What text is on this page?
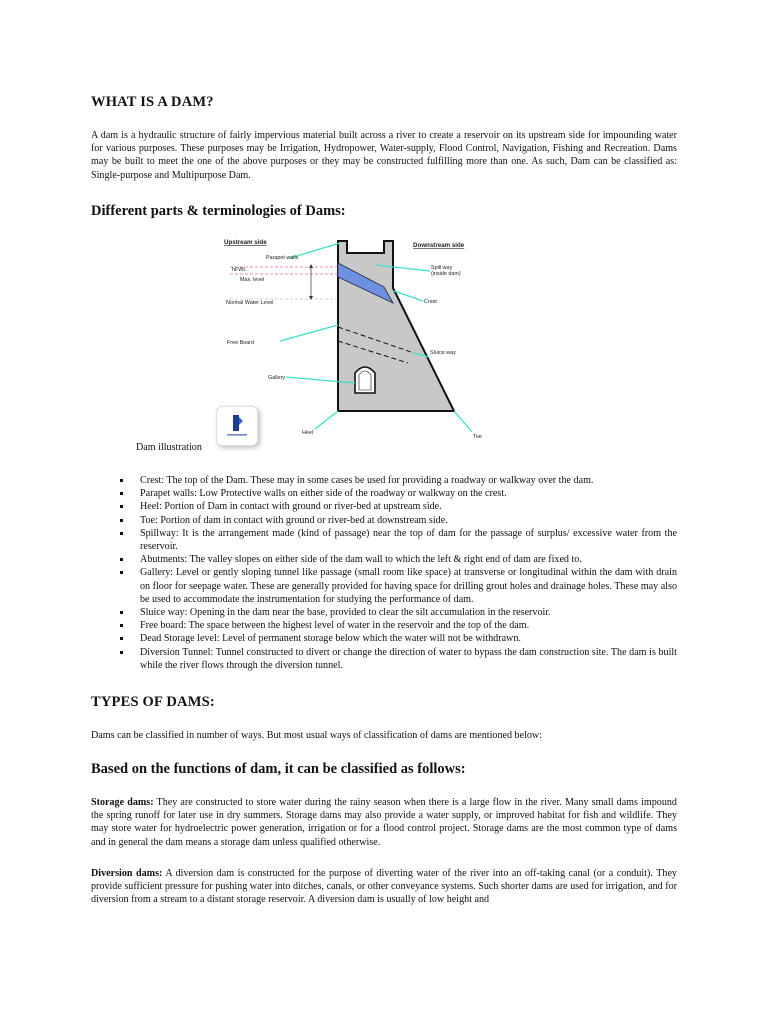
WHAT IS A DAM?

A dam is a hydraulic structure of fairly impervious material built across a river to create a reservoir on its upstream side for impounding water for various purposes. These purposes may be Irrigation, Hydropower, Water-supply, Flood Control, Navigation, Fishing and Recreation. Dams may be built to meet the one of the above purposes or they may be constructed fulfilling more than one. As such, Dam can be classified as: Single-purpose and Multipurpose Dam.

Different parts & terminologies of Dams:
Upstream side	Downstream side
Parapet walls
hFWL
Max. level
Normal Water Level
Spill way
(inside dam)
Crest
Free Board
Sluice way
Gallery
Heel
Toe

Dam illustration

Crest: The top of the Dam. These may in some cases be used for providing a roadway or walkway over the dam.
Parapet walls: Low Protective walls on either side of the roadway or walkway on the crest.
Heel: Portion of Dam in contact with ground or river-bed at upstream side.
Toe: Portion of dam in contact with ground or river-bed at downstream side.
Spillway: It is the arrangement made (kind of passage) near the top of dam for the passage of surplus/ excessive water from the reservoir.
Abutments: The valley slopes on either side of the dam wall to which the left & right end of dam are fixed to.
Gallery: Level or gently sloping tunnel like passage (small room like space) at transverse or longitudinal within the dam with drain on floor for seepage water. These are generally provided for having space for drilling grout holes and drainage holes. These may also be used to accommodate the instrumentation for studying the performance of dam.
Sluice way: Opening in the dam near the base, provided to clear the silt accumulation in the reservoir.
Free board: The space between the highest level of water in the reservoir and the top of the dam.
Dead Storage level: Level of permanent storage below which the water will not be withdrawn.
Diversion Tunnel: Tunnel constructed to divert or change the direction of water to bypass the dam construction site. The dam is built while the river flows through the diversion tunnel.
TYPES OF DAMS:

Dams can be classified in number of ways. But most usual ways of classification of dams are mentioned below:

Based on the functions of dam, it can be classified as follows:

Storage dams: They are constructed to store water during the rainy season when there is a large flow in the river. Many small dams impound the spring runoff for later use in dry summers. Storage dams may also provide a water supply, or improved habitat for fish and wildlife. They may store water for hydroelectric power generation, irrigation or for a flood control project. Storage dams are the most common type of dams and in general the dam means a storage dam unless qualified otherwise.

Diversion dams: A diversion dam is constructed for the purpose of diverting water of the river into an off-taking canal (or a conduit). They provide sufficient pressure for pushing water into ditches, canals, or other conveyance systems. Such shorter dams are used for irrigation, and for diversion from a stream to a distant storage reservoir. A diversion dam is usually of low height and
